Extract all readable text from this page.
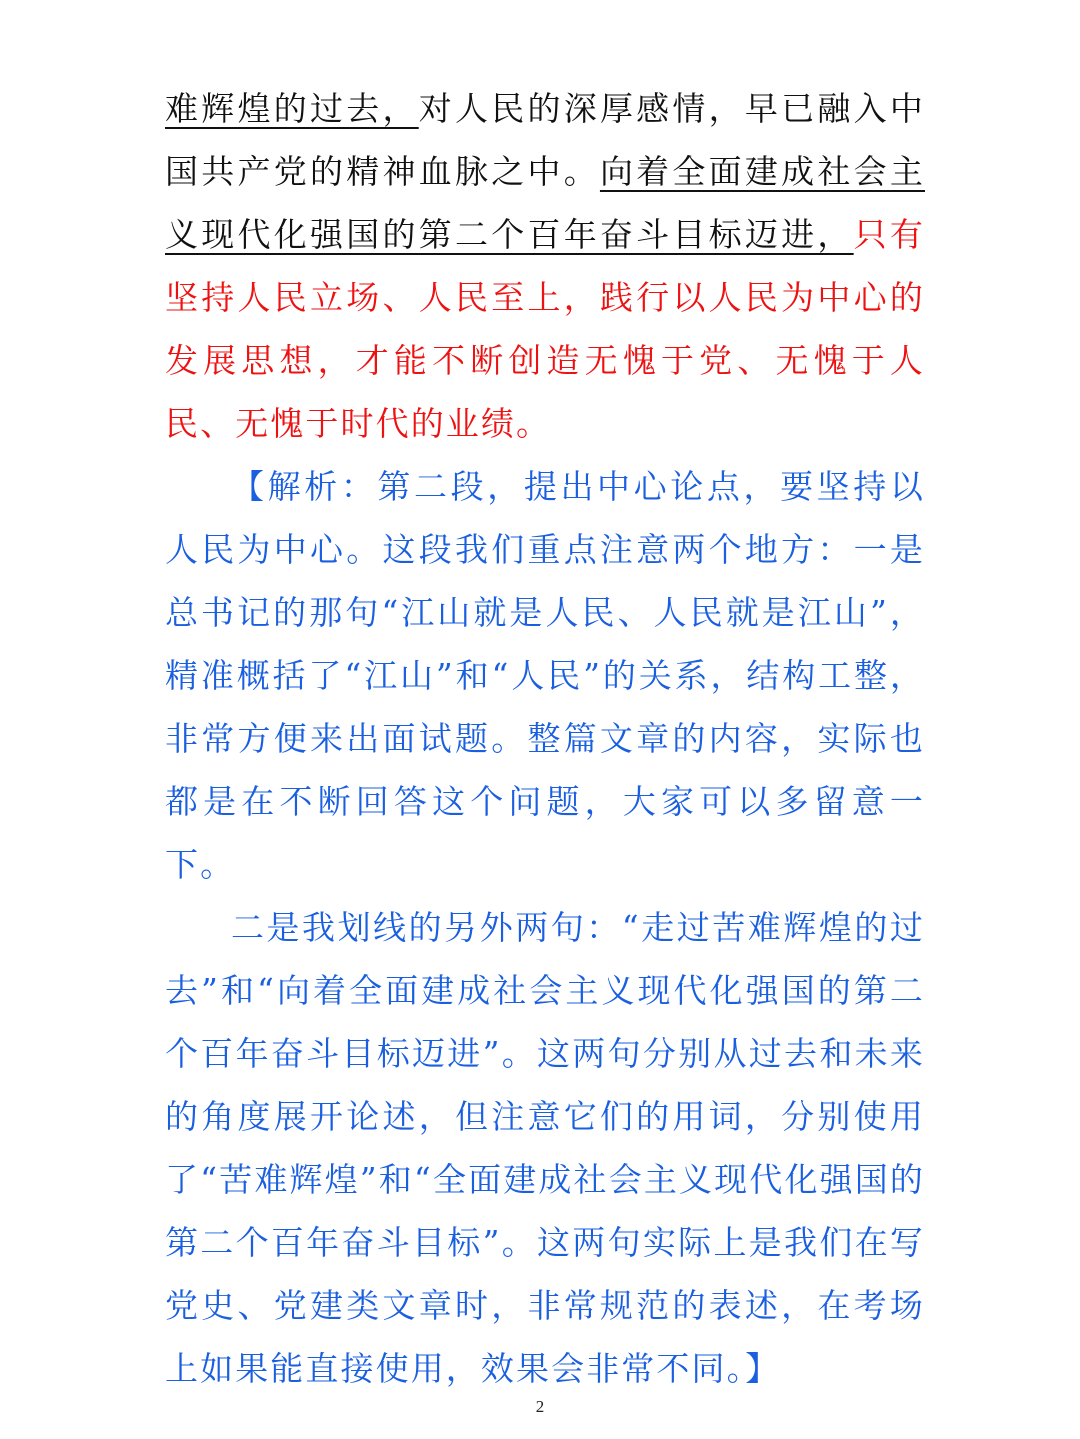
难辉煌的过去，对人民的深厚感情，早已融入中国共产党的精神血脉之中。向着全面建成社会主义现代化强国的第二个百年奋斗目标迈进，只有坚持人民立场、人民至上，践行以人民为中心的发展思想，才能不断创造无愧于党、无愧于人民、无愧于时代的业绩。

【解析：第二段，提出中心论点，要坚持以人民为中心。这段我们重点注意两个地方：一是总书记的那句“江山就是人民、人民就是江山”，精准概括了“江山”和“人民”的关系，结构工整，非常方便来出面试题。整篇文章的内容，实际也都是在不断回答这个问题，大家可以多留意一下。

二是我划线的另外两句：“走过苦难辉煌的过去”和“向着全面建成社会主义现代化强国的第二个百年奋斗目标迈进”。这两句分别从过去和未来的角度展开论述，但注意它们的用词，分别使用了“苦难辉煌”和“全面建成社会主义现代化强国的第二个百年奋斗目标”。这两句实际上是我们在写党史、党建类文章时，非常规范的表述，在考场上如果能直接使用，效果会非常不同。】

2
